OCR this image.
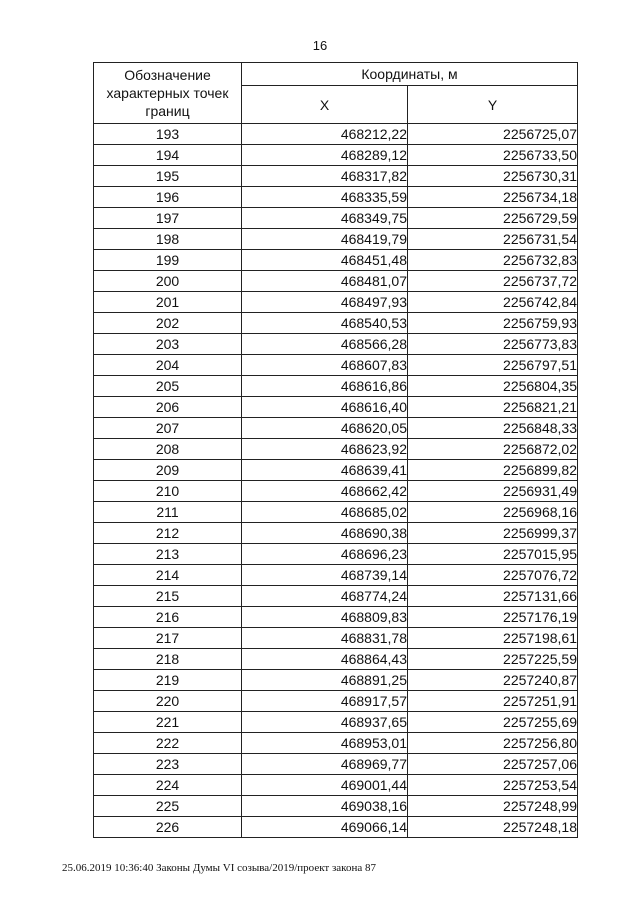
16
Обозначение характерных точек границ	Координаты, м	
	X	Y
193	468212,22	2256725,07
194	468289,12	2256733,50
195	468317,82	2256730,31
196	468335,59	2256734,18
197	468349,75	2256729,59
198	468419,79	2256731,54
199	468451,48	2256732,83
200	468481,07	2256737,72
201	468497,93	2256742,84
202	468540,53	2256759,93
203	468566,28	2256773,83
204	468607,83	2256797,51
205	468616,86	2256804,35
206	468616,40	2256821,21
207	468620,05	2256848,33
208	468623,92	2256872,02
209	468639,41	2256899,82
210	468662,42	2256931,49
211	468685,02	2256968,16
212	468690,38	2256999,37
213	468696,23	2257015,95
214	468739,14	2257076,72
215	468774,24	2257131,66
216	468809,83	2257176,19
217	468831,78	2257198,61
218	468864,43	2257225,59
219	468891,25	2257240,87
220	468917,57	2257251,91
221	468937,65	2257255,69
222	468953,01	2257256,80
223	468969,77	2257257,06
224	469001,44	2257253,54
225	469038,16	2257248,99
226	469066,14	2257248,18
25.06.2019 10:36:40 Законы Думы VI созыва/2019/проект закона 87
